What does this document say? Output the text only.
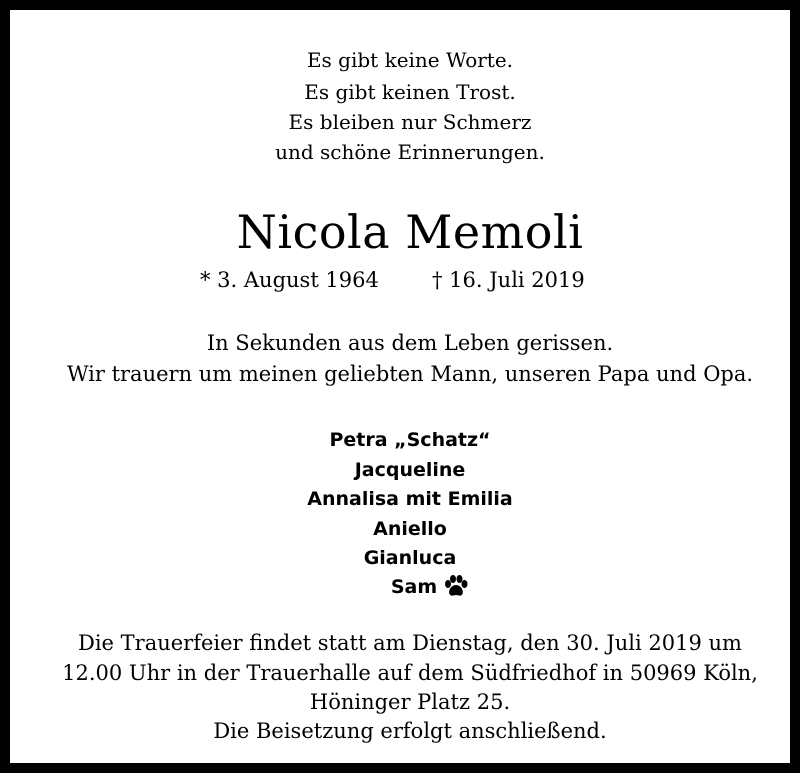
Es gibt keine Worte.
Es gibt keinen Trost.
Es bleiben nur Schmerz
und schöne Erinnerungen.
Nicola Memoli
* 3. August 1964	† 16. Juli 2019
In Sekunden aus dem Leben gerissen.
Wir trauern um meinen geliebten Mann, unseren Papa und Opa.
Petra „Schatz“
Jacqueline
Annalisa mit Emilia
Aniello
Gianluca
Sam
Die Trauerfeier findet statt am Dienstag, den 30. Juli 2019 um
12.00 Uhr in der Trauerhalle auf dem Südfriedhof in 50969 Köln,
Höninger Platz 25.
Die Beisetzung erfolgt anschließend.
